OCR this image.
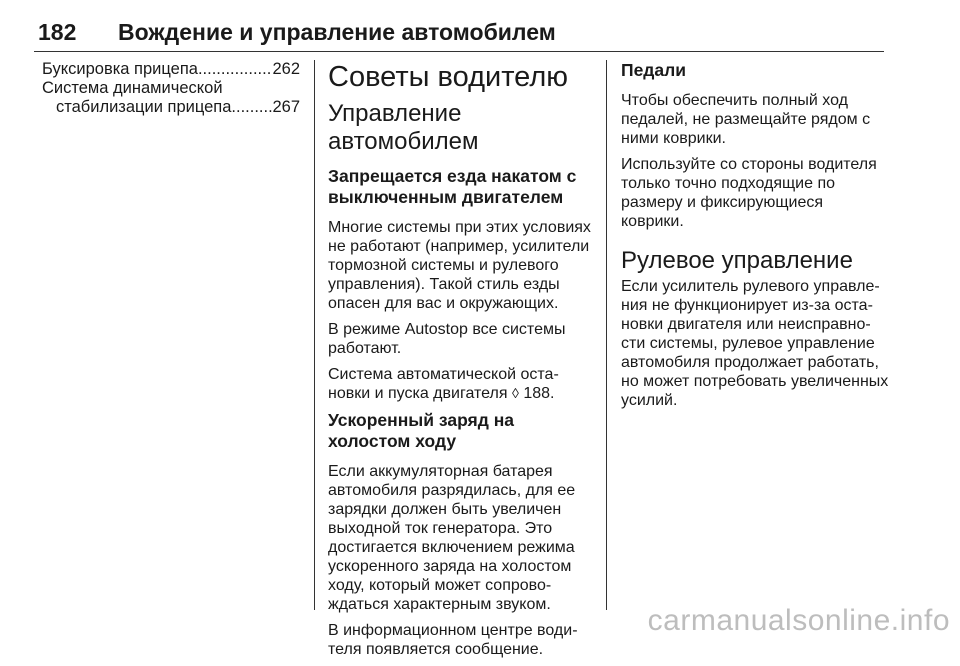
182 Вождение и управление автомобилем
Буксировка прицепа .....	262
Система динамической
стабилизации прицепа ..... 267
Советы водителю
Управление автомобилем
Запрещается езда накатом с выключенным двигателем

Многие системы при этих условиях не работают (например, усилители тормозной системы и рулевого управления). Такой стиль езды опасен для вас и окружающих.

В режиме Autostop все системы работают.

Система автоматической остановки и пуска двигателя ◊ 188.

Ускоренный заряд на холостом ходу

Если аккумуляторная батарея автомобиля разрядилась, для ее зарядки должен быть увеличен выходной ток генератора. Это достигается включением режима ускоренного заряда на холостом ходу, который может сопровождаться характерным звуком.

В информационном центре водителя появляется сообщение.

Педали

Чтобы обеспечить полный ход педалей, не размещайте рядом с ними коврики.

Используйте со стороны водителя только точно подходящие по размеру и фиксирующиеся коврики.

Рулевое управление

Если усилитель рулевого управления не функционирует из-за остановки двигателя или неисправности системы, рулевое управление автомобиля продолжает работать, но может потребовать увеличенных усилий.

carmanualsonline.info
